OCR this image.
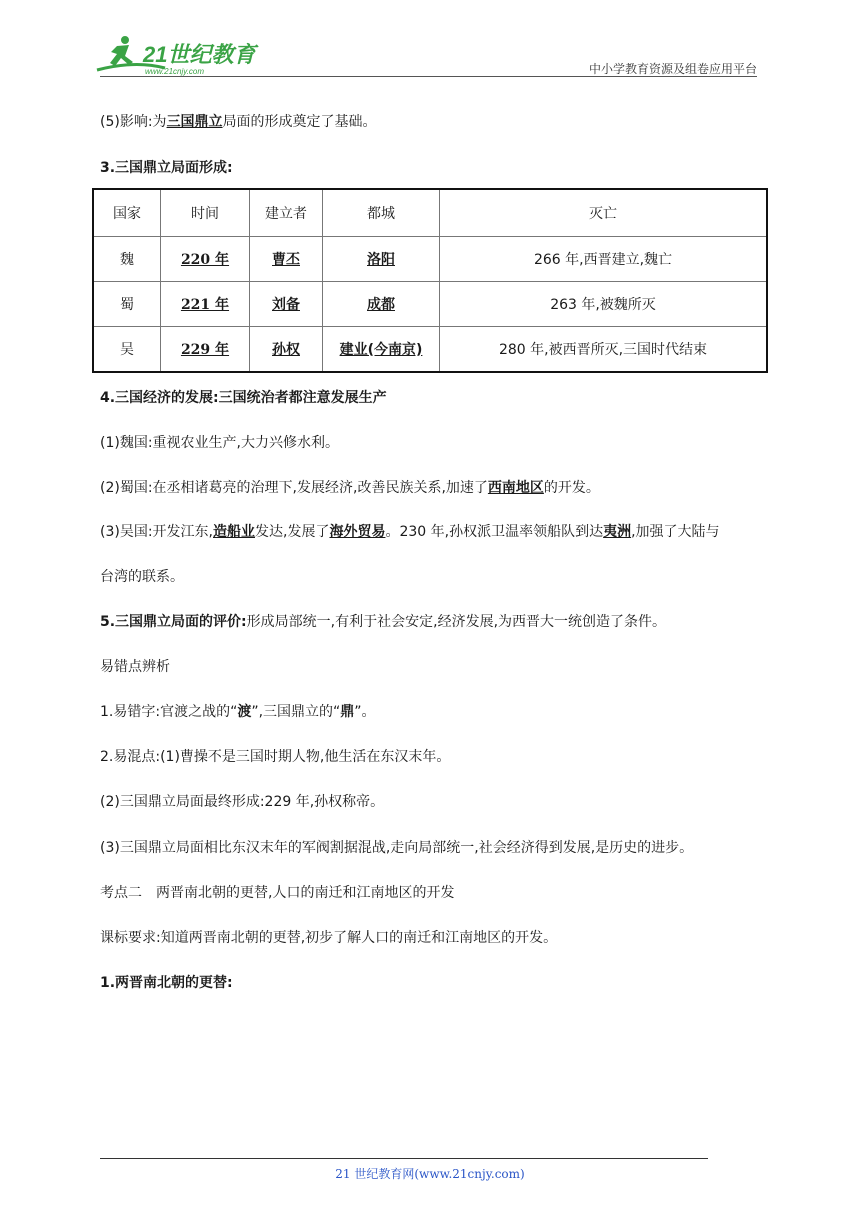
21世纪教育
www.21cnjy.com	中小学教育资源及组卷应用平台
(5)影响:为三国鼎立局面的形成奠定了基础。
3.三国鼎立局面形成:
国家	时间	建立者	都城	灭亡
魏	220 年	曹丕	洛阳	266 年,西晋建立,魏亡
蜀	221 年	刘备	成都	263 年,被魏所灭
吴	229 年	孙权	建业(今南京)	280 年,被西晋所灭,三国时代结束
4.三国经济的发展:三国统治者都注意发展生产
(1)魏国:重视农业生产,大力兴修水利。
(2)蜀国:在丞相诸葛亮的治理下,发展经济,改善民族关系,加速了西南地区的开发。
(3)吴国:开发江东,造船业发达,发展了海外贸易。230 年,孙权派卫温率领船队到达夷洲,加强了大陆与
台湾的联系。
5.三国鼎立局面的评价:形成局部统一,有利于社会安定,经济发展,为西晋大一统创造了条件。
易错点辨析
1.易错字:官渡之战的“渡”,三国鼎立的“鼎”。
2.易混点:(1)曹操不是三国时期人物,他生活在东汉末年。
(2)三国鼎立局面最终形成:229 年,孙权称帝。
(3)三国鼎立局面相比东汉末年的军阀割据混战,走向局部统一,社会经济得到发展,是历史的进步。
考点二　两晋南北朝的更替,人口的南迁和江南地区的开发
课标要求:知道两晋南北朝的更替,初步了解人口的南迁和江南地区的开发。
1.两晋南北朝的更替:
21 世纪教育网(www.21cnjy.com)
